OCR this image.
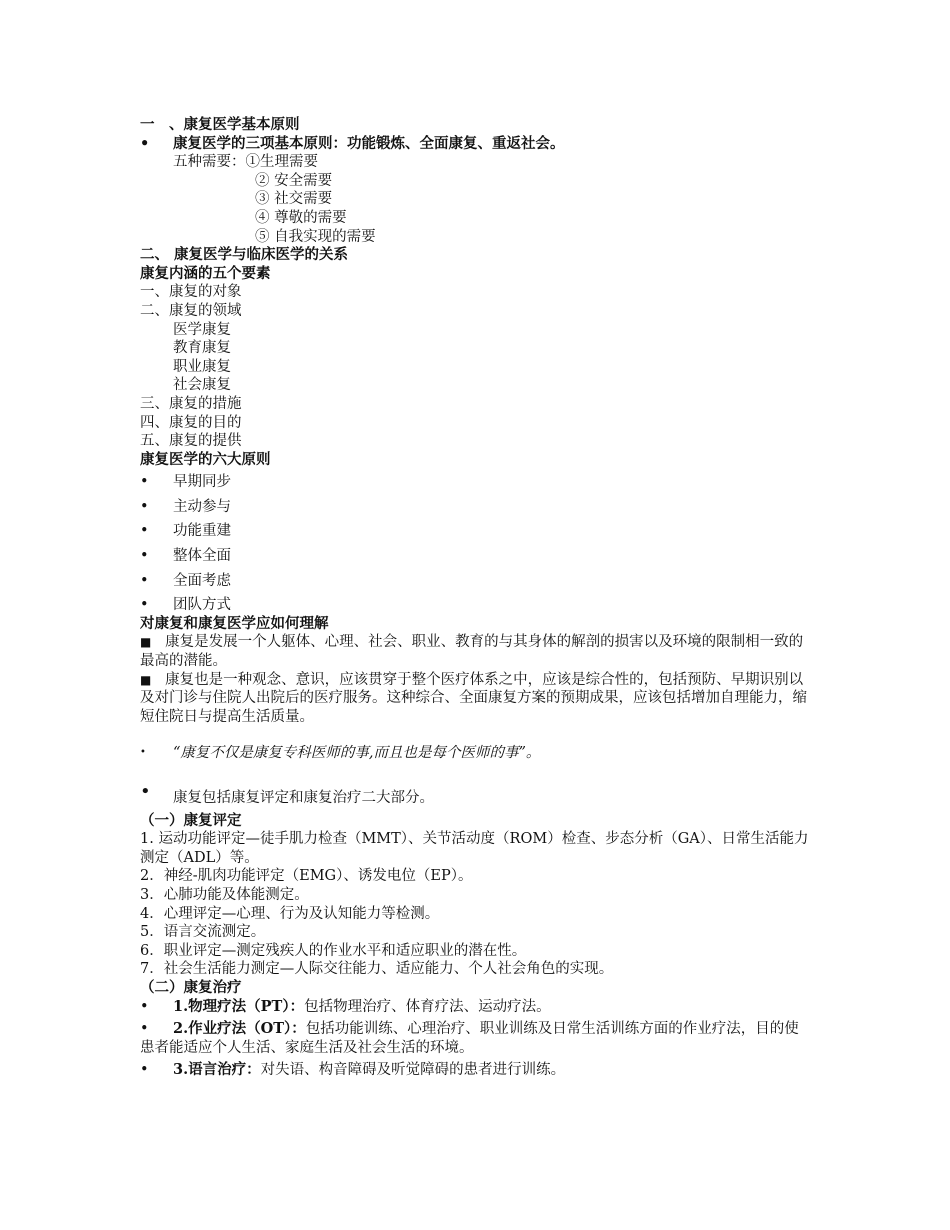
一　、康复医学基本原则
•	康复医学的三项基本原则：功能锻炼、全面康复、重返社会。
五种需要：①生理需要
② 安全需要
③ 社交需要
④ 尊敬的需要
⑤ 自我实现的需要
二、 康复医学与临床医学的关系
康复内涵的五个要素
一、康复的对象
二、康复的领域
医学康复
教育康复
职业康复
社会康复
三、康复的措施
四、康复的目的
五、康复的提供
康复医学的六大原则
•	早期同步
•	主动参与
•	功能重建
•	整体全面
•	全面考虑
•	团队方式
对康复和康复医学应如何理解
■ 康复是发展一个人躯体、心理、社会、职业、教育的与其身体的解剖的损害以及环境的限制相一致的最高的潜能。
■ 康复也是一种观念、意识，应该贯穿于整个医疗体系之中，应该是综合性的，包括预防、早期识别以及对门诊与住院人出院后的医疗服务。这种综合、全面康复方案的预期成果，应该包括增加自理能力，缩短住院日与提高生活质量。
•	“康复不仅是康复专科医师的事,而且也是每个医师的事”。
• 康复包括康复评定和康复治疗二大部分。
（一）康复评定
1. 运动功能评定—徒手肌力检查（MMT）、关节活动度（ROM）检查、步态分析（GA）、日常生活能力测定（ADL）等。
2．神经-肌肉功能评定（EMG）、诱发电位（EP）。
3．心肺功能及体能测定。
4．心理评定—心理、行为及认知能力等检测。
5．语言交流测定。
6．职业评定—测定残疾人的作业水平和适应职业的潜在性。
7．社会生活能力测定—人际交往能力、适应能力、个人社会角色的实现。
（二）康复治疗
•	1.物理疗法（PT）：包括物理治疗、体育疗法、运动疗法。
• 2.作业疗法（OT）：包括功能训练、心理治疗、职业训练及日常生活训练方面的作业疗法，目的使患者能适应个人生活、家庭生活及社会生活的环境。
•	3.语言治疗：对失语、构音障碍及听觉障碍的患者进行训练。
